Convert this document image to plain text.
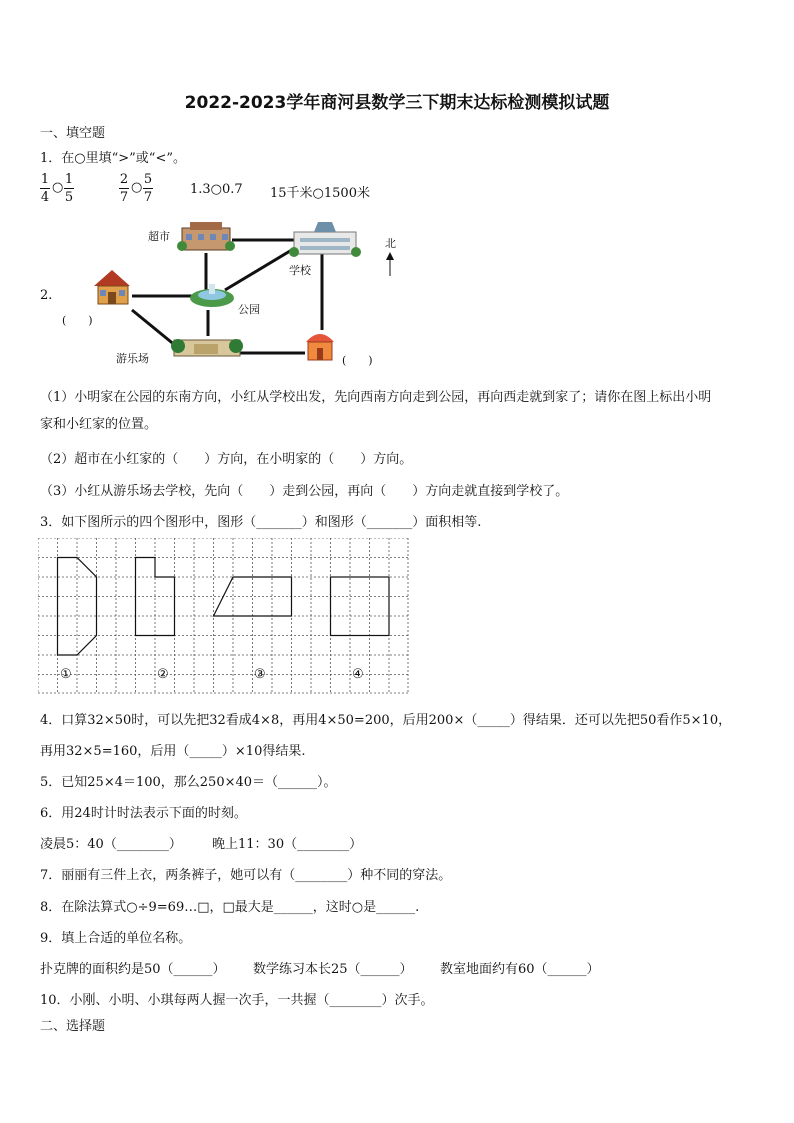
2022-2023学年商河县数学三下期末达标检测模拟试题
一、填空题
1．在○里填“>”或“<”。
1
4
○
1
5
2
7
○
5
7
1.3○0.7 15千米○1500米
2.
超市
学校
公园
游乐场
北
(　　)
(　　)
（1）小明家在公园的东南方向，小红从学校出发，先向西南方向走到公园，再向西走就到家了；请你在图上标出小明
家和小红家的位置。
（2）超市在小红家的（　　）方向，在小明家的（　　）方向。
（3）小红从游乐场去学校，先向（　　）走到公园，再向（　　）方向走就直接到学校了。
3．如下图所示的四个图形中，图形（_______）和图形（_______）面积相等.
①	②	③	④
4．口算32×50时，可以先把32看成4×8，再用4×50=200，后用200×（_____）得结果．还可以先把50看作5×10，
再用32×5=160，后用（_____）×10得结果.
5．已知25×4＝100，那么250×40＝（______）。
6．用24时计时法表示下面的时刻。
凌晨5：40（________） 晚上11：30（________）
7．丽丽有三件上衣，两条裤子，她可以有（________）种不同的穿法。
8．在除法算式○÷9=69…□，□最大是______，这时○是______.
9．填上合适的单位名称。
扑克牌的面积约是50（______） 数学练习本长25（______） 教室地面约有60（______）
10．小刚、小明、小琪每两人握一次手，一共握（________）次手。
二、选择题
